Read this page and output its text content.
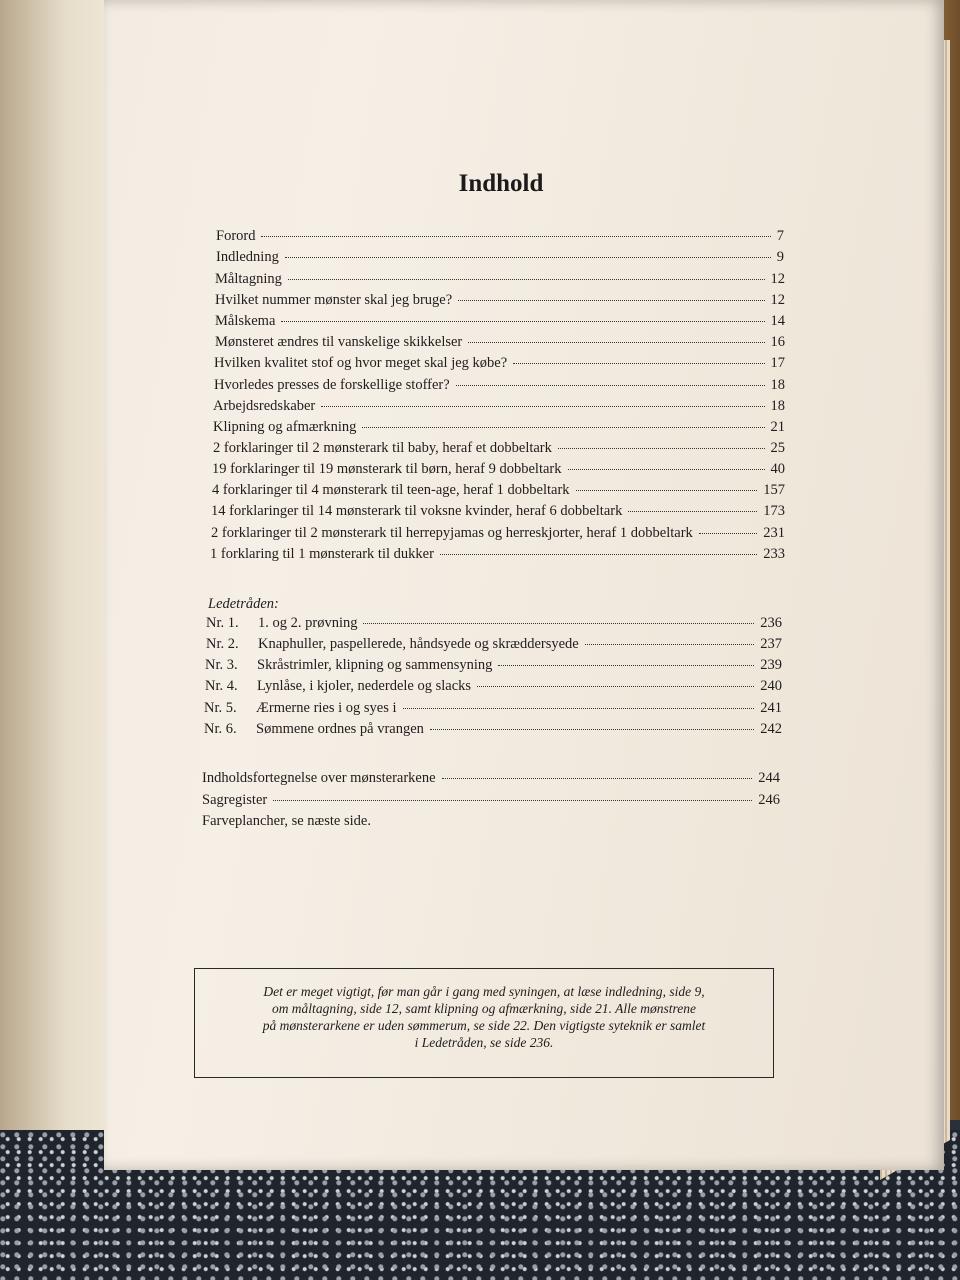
Indhold
Forord	7
Indledning	9
Måltagning	12
Hvilket nummer mønster skal jeg bruge?	12
Målskema	14
Mønsteret ændres til vanskelige skikkelser	16
Hvilken kvalitet stof og hvor meget skal jeg købe?	17
Hvorledes presses de forskellige stoffer?	18
Arbejdsredskaber	18
Klipning og afmærkning	21
2 forklaringer til 2 mønsterark til baby, heraf et dobbeltark	25
19 forklaringer til 19 mønsterark til børn, heraf 9 dobbeltark	40
4 forklaringer til 4 mønsterark til teen-age, heraf 1 dobbeltark	157
14 forklaringer til 14 mønsterark til voksne kvinder, heraf 6 dobbeltark	173
2 forklaringer til 2 mønsterark til herrepyjamas og herreskjorter, heraf 1 dobbeltark	231
1 forklaring til 1 mønsterark til dukker	233
Ledetråden:
Nr. 1. 1. og 2. prøvning	236
Nr. 2. Knaphuller, paspellerede, håndsyede og skræddersyede	237
Nr. 3. Skråstrimler, klipning og sammensyning	239
Nr. 4. Lynlåse, i kjoler, nederdele og slacks	240
Nr. 5. Ærmerne ries i og syes i	241
Nr. 6. Sømmene ordnes på vrangen	242
Indholdsfortegnelse over mønsterarkene	244
Sagregister	246
Farveplancher, se næste side.
Det er meget vigtigt, før man går i gang med syningen, at læse indledning, side 9,
om måltagning, side 12, samt klipning og afmærkning, side 21. Alle mønstrene
på mønsterarkene er uden sømmerum, se side 22. Den vigtigste syteknik er samlet
i Ledetråden, se side 236.
